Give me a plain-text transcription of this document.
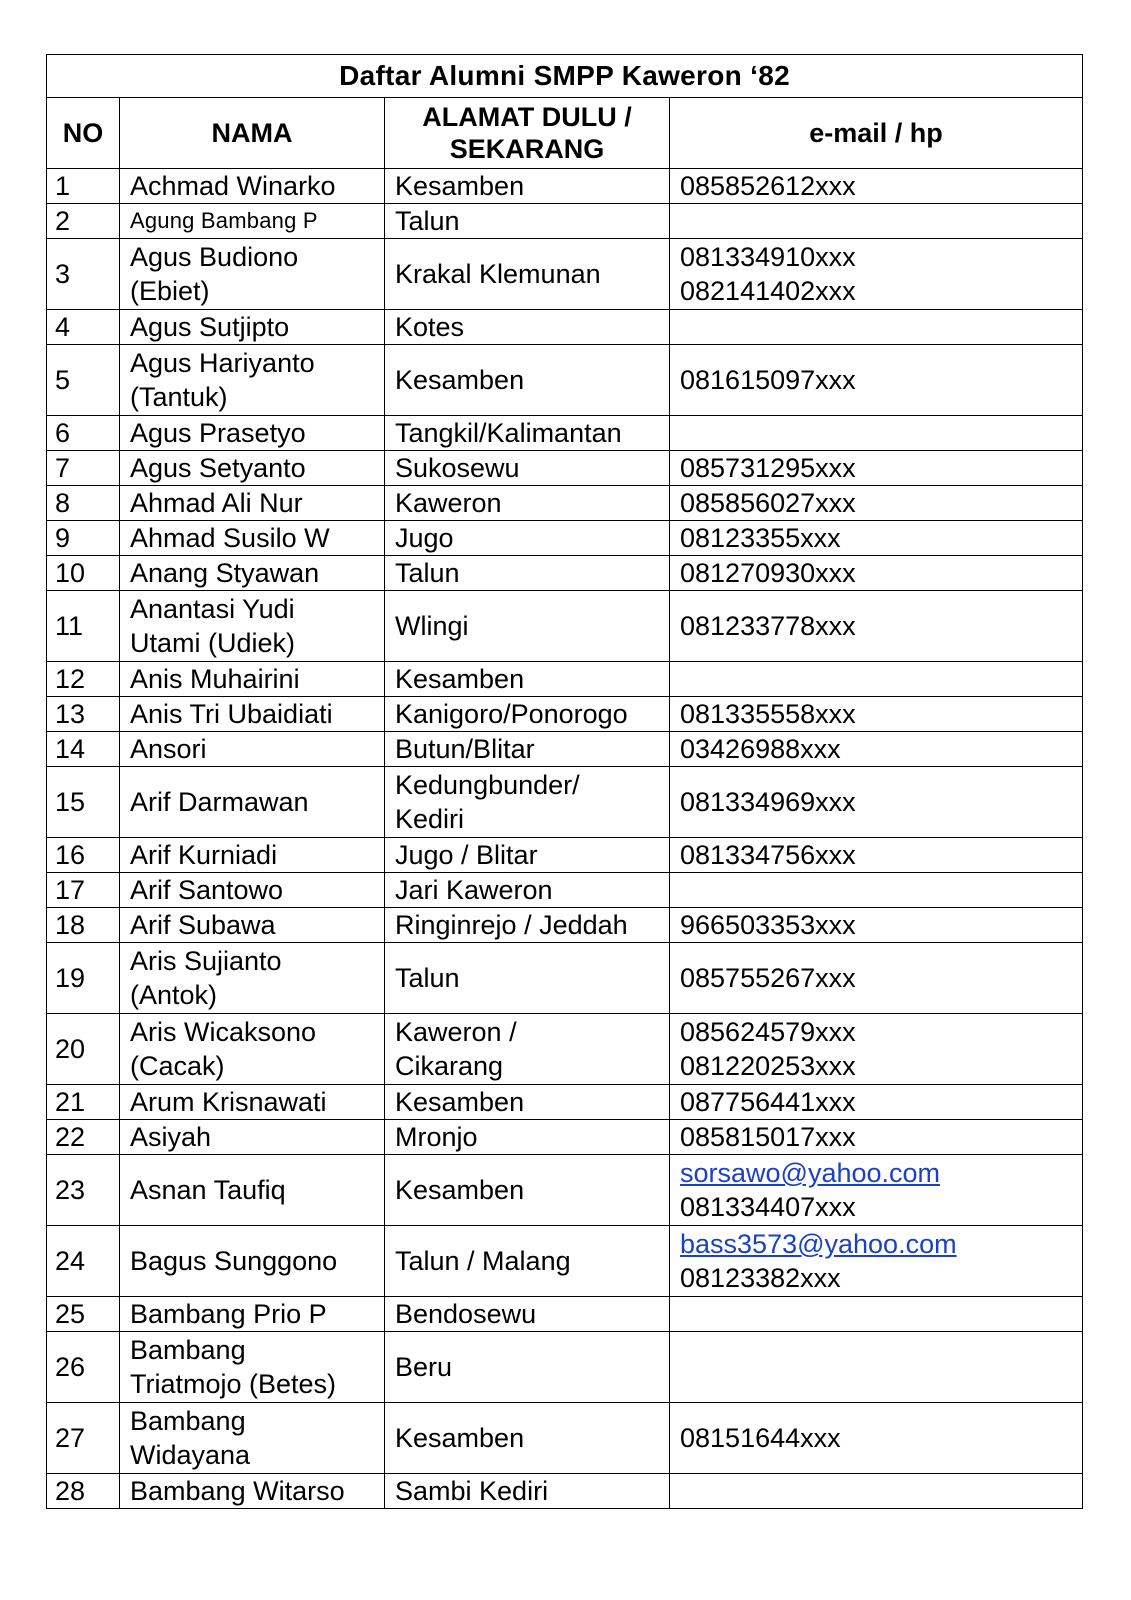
Daftar Alumni SMPP Kaweron ‘82			
NO	NAMA	ALAMAT DULU / SEKARANG	e-mail / hp
1	Achmad Winarko	Kesamben	085852612xxx

2	Agung Bambang P	Talun	

3	Agus Budiono
(Ebiet)	Krakal Klemunan	081334910xxx
082141402xxx

4	Agus Sutjipto	Kotes	

5	Agus Hariyanto
(Tantuk)	Kesamben	081615097xxx

6	Agus Prasetyo	Tangkil/Kalimantan	

7	Agus Setyanto	Sukosewu	085731295xxx

8	Ahmad Ali Nur	Kaweron	085856027xxx

9	Ahmad Susilo W	Jugo	08123355xxx

10	Anang Styawan	Talun	081270930xxx

11	Anantasi Yudi
Utami (Udiek)	Wlingi	081233778xxx

12	Anis Muhairini	Kesamben	

13	Anis Tri Ubaidiati	Kanigoro/Ponorogo	081335558xxx

14	Ansori	Butun/Blitar	03426988xxx

15	Arif Darmawan	Kedungbunder/
Kediri	081334969xxx

16	Arif Kurniadi	Jugo / Blitar	081334756xxx

17	Arif Santowo	Jari Kaweron	

18	Arif Subawa	Ringinrejo / Jeddah	966503353xxx

19	Aris Sujianto
(Antok)	Talun	085755267xxx

20	Aris Wicaksono
(Cacak)	Kaweron /
Cikarang	085624579xxx
081220253xxx

21	Arum Krisnawati	Kesamben	087756441xxx

22	Asiyah	Mronjo	085815017xxx

23	Asnan Taufiq	Kesamben	sorsawo@yahoo.com
081334407xxx

24	Bagus Sunggono	Talun / Malang	bass3573@yahoo.com
08123382xxx

25	Bambang Prio P	Bendosewu	

26	Bambang
Triatmojo (Betes)	Beru	

27	Bambang
Widayana	Kesamben	08151644xxx

28	Bambang Witarso	Sambi Kediri	
